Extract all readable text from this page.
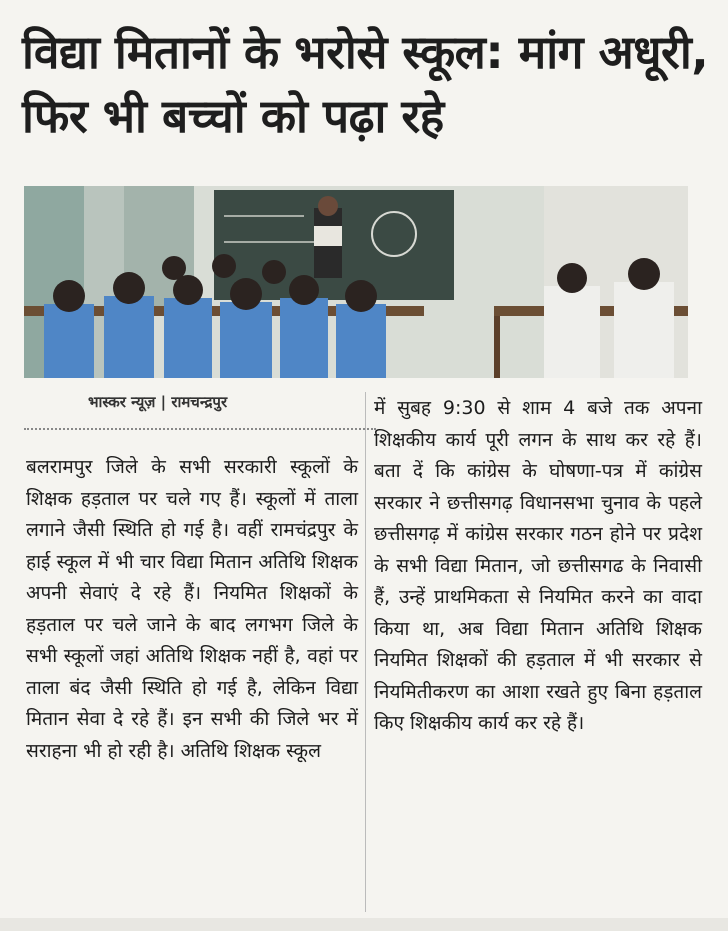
विद्या मितानों के भरोसे स्कूल: मांग अधूरी, फिर भी बच्चों को पढ़ा रहे
भास्कर न्यूज़ | रामचन्द्रपुर

बलरामपुर जिले के सभी सरकारी स्कूलों के शिक्षक हड़ताल पर चले गए हैं। स्कूलों में ताला लगाने जैसी स्थिति हो गई है। वहीं रामचंद्रपुर के हाई स्कूल में भी चार विद्या मितान अतिथि शिक्षक अपनी सेवाएं दे रहे हैं। नियमित शिक्षकों के हड़ताल पर चले जाने के बाद लगभग जिले के सभी स्कूलों जहां अतिथि शिक्षक नहीं है, वहां पर ताला बंद जैसी स्थिति हो गई है, लेकिन विद्या मितान सेवा दे रहे हैं। इन सभी की जिले भर में सराहना भी हो रही है। अतिथि शिक्षक स्कूल

में सुबह 9:30 से शाम 4 बजे तक अपना शिक्षकीय कार्य पूरी लगन के साथ कर रहे हैं। बता दें कि कांग्रेस के घोषणा-पत्र में कांग्रेस सरकार ने छत्तीसगढ़ विधानसभा चुनाव के पहले छत्तीसगढ़ में कांग्रेस सरकार गठन होने पर प्रदेश के सभी विद्या मितान, जो छत्तीसगढ के निवासी हैं, उन्हें प्राथमिकता से नियमित करने का वादा किया था, अब विद्या मितान अतिथि शिक्षक नियमित शिक्षकों की हड़ताल में भी सरकार से नियमितीकरण का आशा रखते हुए बिना हड़ताल किए शिक्षकीय कार्य कर रहे हैं।
